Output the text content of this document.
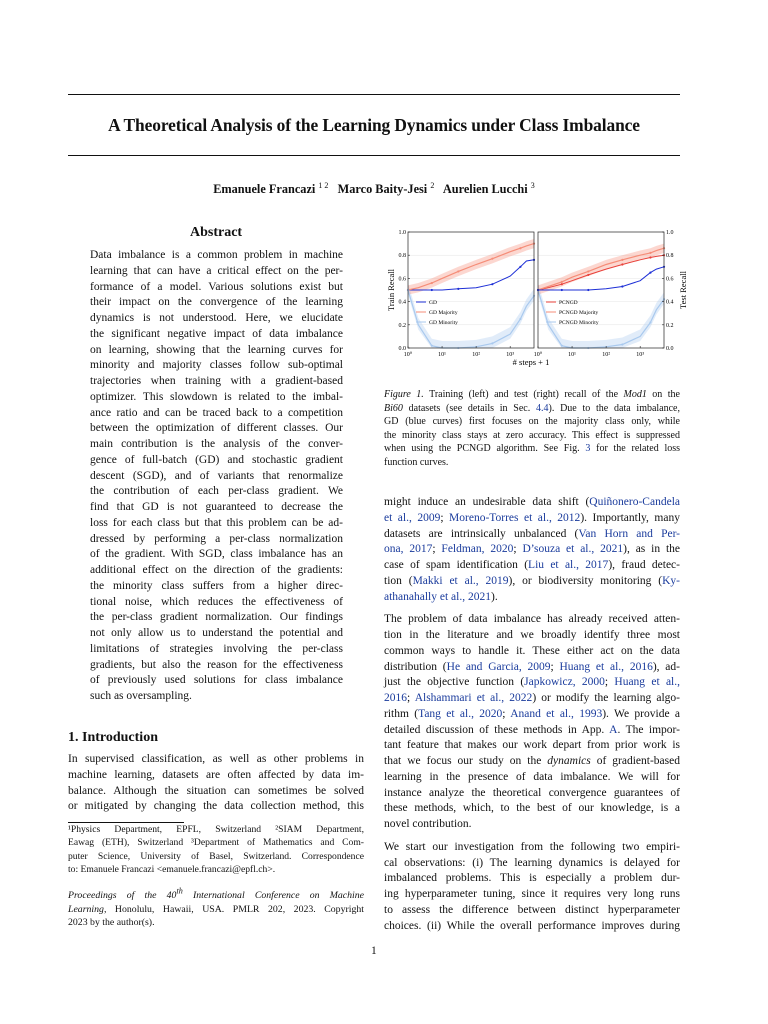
A Theoretical Analysis of the Learning Dynamics under Class Imbalance
Emanuele Francazi $^{1 2}$ Marco Baity-Jesi $^2$ Aurelien Lucchi $^3$
Abstract
Data imbalance is a common problem in machine
learning that can have a critical effect on the per-
formance of a model. Various solutions exist but
their impact on the convergence of the learning
dynamics is not understood. Here, we elucidate
the significant negative impact of data imbalance
on learning, showing that the learning curves for
minority and majority classes follow sub-optimal
trajectories when training with a gradient-based
optimizer. This slowdown is related to the imbal-
ance ratio and can be traced back to a competition
between the optimization of different classes. Our
main contribution is the analysis of the conver-
gence of full-batch (GD) and stochastic gradient
descent (SGD), and of variants that renormalize
the contribution of each per-class gradient. We
find that GD is not guaranteed to decrease the
loss for each class but that this problem can be ad-
dressed by performing a per-class normalization
of the gradient. With SGD, class imbalance has an
additional effect on the direction of the gradients:
the minority class suffers from a higher direc-
tional noise, which reduces the effectiveness of
the per-class gradient normalization. Our findings
not only allow us to understand the potential and
limitations of strategies involving the per-class
gradients, but also the reason for the effectiveness
of previously used solutions for class imbalance
such as oversampling.
1. Introduction
In supervised classification, as well as other problems in
machine learning, datasets are often affected by data im-
balance. Although the situation can sometimes be solved
or mitigated by changing the data collection method, this
¹Physics Department, EPFL, Switzerland ²SIAM Department,
Eawag (ETH), Switzerland ³Department of Mathematics and Com-
puter Science, University of Basel, Switzerland. Correspondence
to: Emanuele Francazi <emanuele.francazi@epfl.ch>.
Proceedings of the 40th International Conference on Machine
Learning, Honolulu, Hawaii, USA. PMLR 202, 2023. Copyright
2023 by the author(s).
0.0
0.2
0.4
0.6
0.8
1.0
10⁰	10¹	10²	10³
Train Recall	GD
GD Majority
GD Minority
0.0
0.2
0.4
0.6
0.8
1.0
10⁰	10¹	10²	10³
Test Recall
PCNGD
PCNGD Majority
PCNGD Minority
# steps + 1
Figure 1. Training (left) and test (right) recall of the Mod1 on the
Bi60 datasets (see details in Sec. 4.4). Due to the data imbalance,
GD (blue curves) first focuses on the majority class only, while
the minority class stays at zero accuracy. This effect is suppressed
when using the PCNGD algorithm. See Fig. 3 for the related loss
function curves.
might induce an undesirable data shift (Quiñonero-Candela
et al., 2009; Moreno-Torres et al., 2012). Importantly, many
datasets are intrinsically unbalanced (Van Horn and Per-
ona, 2017; Feldman, 2020; D’souza et al., 2021), as in the
case of spam identification (Liu et al., 2017), fraud detec-
tion (Makki et al., 2019), or biodiversity monitoring (Ky-
athanahally et al., 2021).
The problem of data imbalance has already received atten-
tion in the literature and we broadly identify three most
common ways to handle it. These either act on the data
distribution (He and Garcia, 2009; Huang et al., 2016), ad-
just the objective function (Japkowicz, 2000; Huang et al.,
2016; Alshammari et al., 2022) or modify the learning algo-
rithm (Tang et al., 2020; Anand et al., 1993). We provide a
detailed discussion of these methods in App. A. The impor-
tant feature that makes our work depart from prior work is
that we focus our study on the dynamics of gradient-based
learning in the presence of data imbalance. We will for
instance analyze the theoretical convergence guarantees of
these methods, which, to the best of our knowledge, is a
novel contribution.
We start our investigation from the following two empiri-
cal observations: (i) The learning dynamics is delayed for
imbalanced problems. This is especially a problem dur-
ing hyperparameter tuning, since it requires very long runs
to assess the difference between distinct hyperparameter
choices. (ii) While the overall performance improves during
1
